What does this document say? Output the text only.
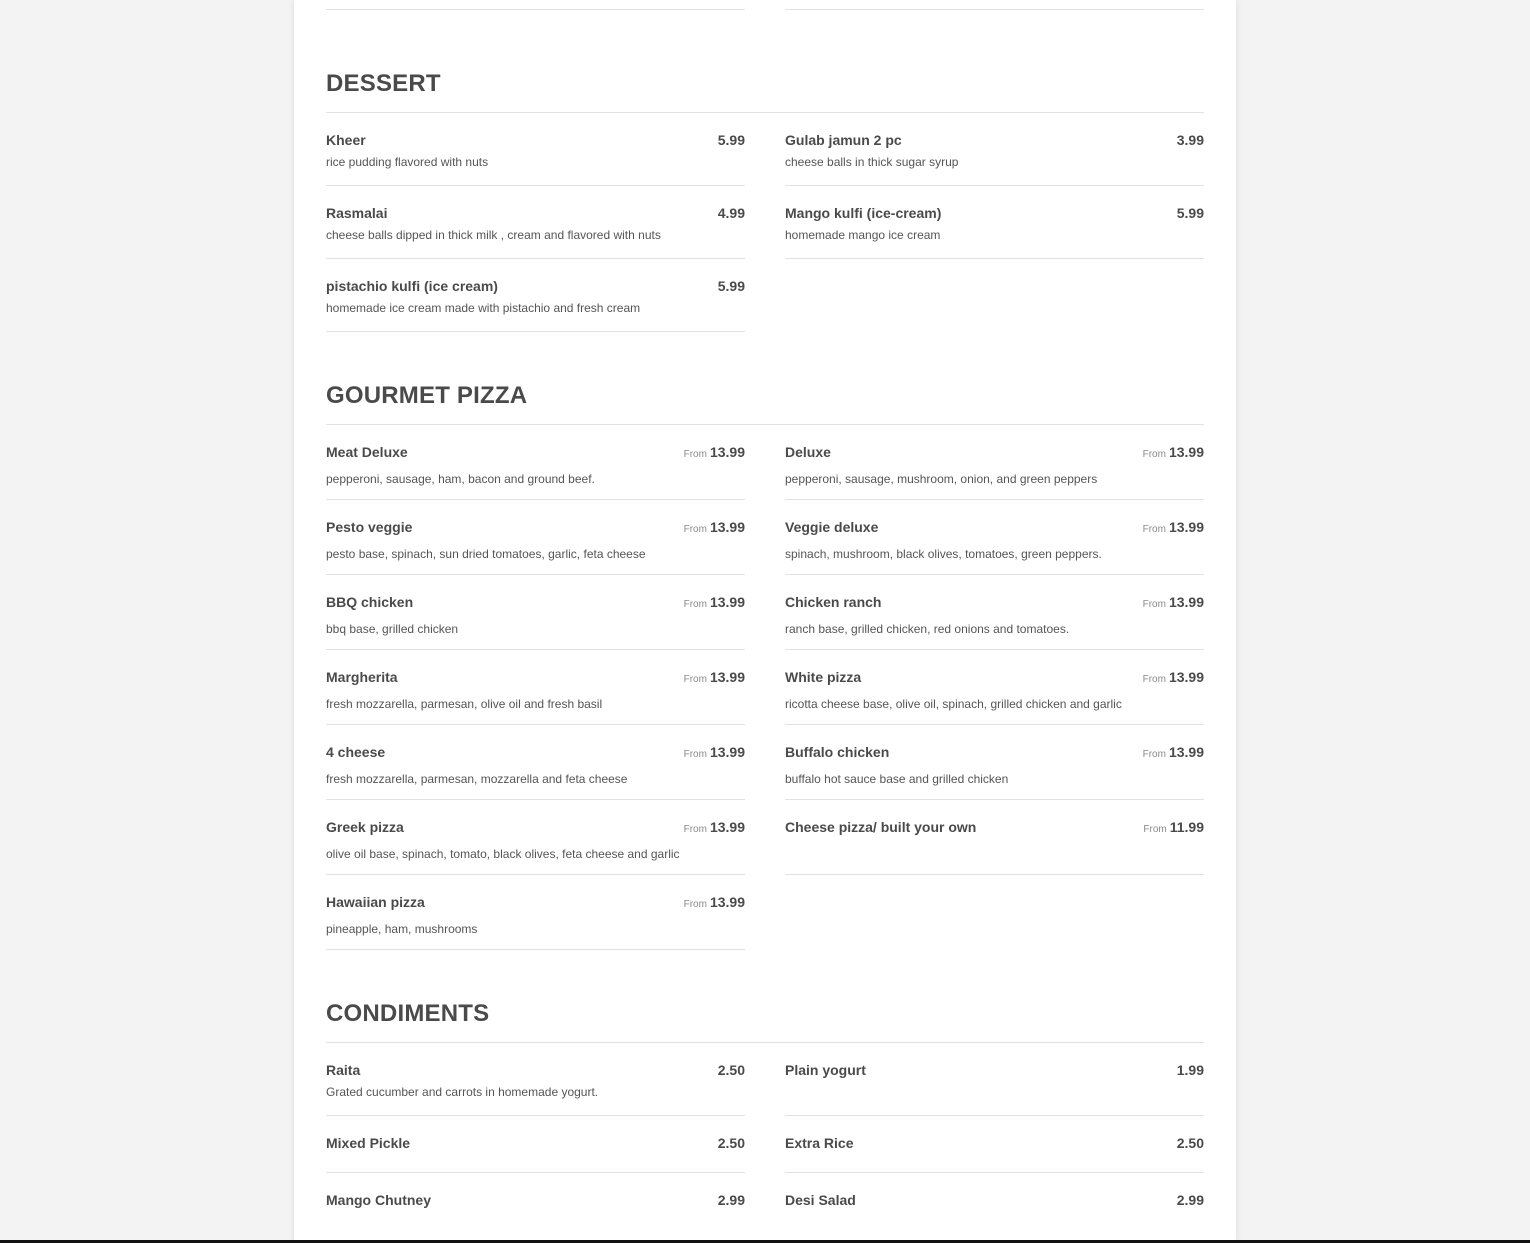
DESSERT
Kheer	5.99
rice pudding flavored with nuts
Rasmalai	4.99
cheese balls dipped in thick milk , cream and flavored with nuts
pistachio kulfi (ice cream)	5.99
homemade ice cream made with pistachio and fresh cream
Gulab jamun 2 pc	3.99
cheese balls in thick sugar syrup
Mango kulfi (ice-cream)	5.99
homemade mango ice cream
GOURMET PIZZA
Meat Deluxe	From 13.99
pepperoni, sausage, ham, bacon and ground beef.
Pesto veggie	From 13.99
pesto base, spinach, sun dried tomatoes, garlic, feta cheese
BBQ chicken	From 13.99
bbq base, grilled chicken
Margherita	From 13.99
fresh mozzarella, parmesan, olive oil and fresh basil
4 cheese	From 13.99
fresh mozzarella, parmesan, mozzarella and feta cheese
Greek pizza	From 13.99
olive oil base, spinach, tomato, black olives, feta cheese and garlic
Hawaiian pizza	From 13.99
pineapple, ham, mushrooms
Deluxe	From 13.99
pepperoni, sausage, mushroom, onion, and green peppers
Veggie deluxe	From 13.99
spinach, mushroom, black olives, tomatoes, green peppers.
Chicken ranch	From 13.99
ranch base, grilled chicken, red onions and tomatoes.
White pizza	From 13.99
ricotta cheese base, olive oil, spinach, grilled chicken and garlic
Buffalo chicken	From 13.99
buffalo hot sauce base and grilled chicken
Cheese pizza/ built your own	From 11.99
CONDIMENTS
Raita	2.50
Grated cucumber and carrots in homemade yogurt.
Mixed Pickle	2.50
Mango Chutney	2.99
Plain yogurt	1.99
Extra Rice	2.50
Desi Salad	2.99
